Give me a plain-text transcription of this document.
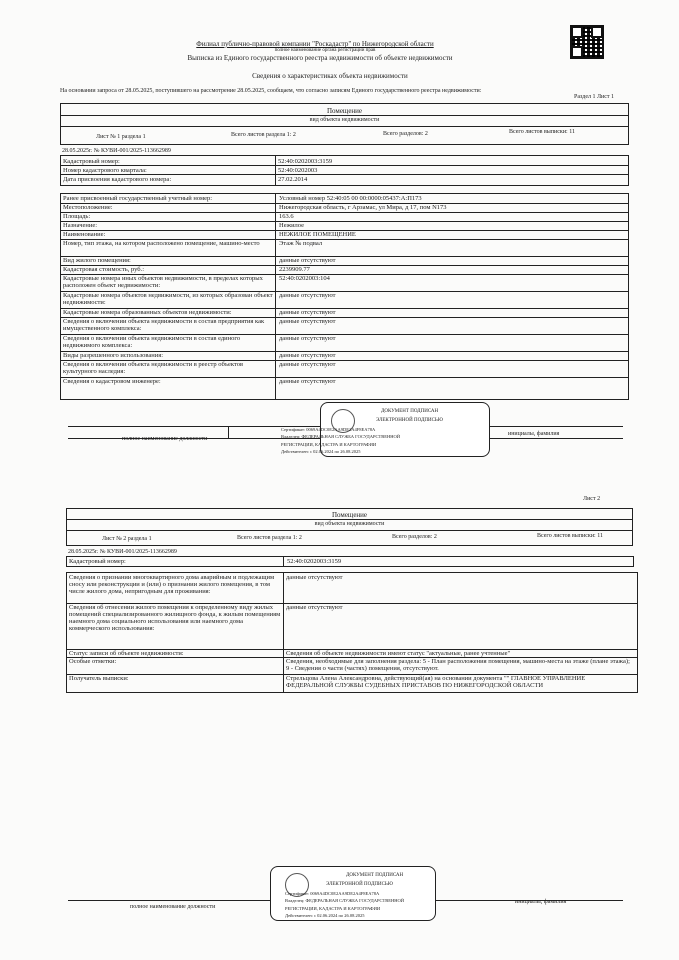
Филиал публично-правовой компании "Роскадастр" по Нижегородской области
полное наименование органа регистрации прав
Выписка из Единого государственного реестра недвижимости об объекте недвижимости
Сведения о характеристиках объекта недвижимости
На основании запроса от 28.05.2025, поступившего на рассмотрение 28.05.2025, сообщаем, что согласно записям Единого государственного реестра недвижимости:
Раздел 1 Лист 1
Помещение
вид объекта недвижимости
Лист № 1 раздела 1	Всего листов раздела 1: 2	Всего разделов: 2	Всего листов выписки: 11
28.05.2025г. № КУВИ-001/2025-113662989
Кадастровый номер:	52:40:0202003:3159
Номер кадастрового квартала:	52:40:0202003
Дата присвоения кадастрового номера:	27.02.2014
Ранее присвоенный государственный учетный номер:	Условный номер 52:40:05 00 00:0000:05437:А:П173
Местоположение:	Нижегородская область, г Арзамас, ул Мира, д 17, пом N173
Площадь:	163.6
Назначение:	Нежилое
Наименование:	НЕЖИЛОЕ ПОМЕЩЕНИЕ
Номер, тип этажа, на котором расположено помещение, машино-место	Этаж № подвал
Вид жилого помещения:	данные отсутствуют
Кадастровая стоимость, руб.:	2239909.77
Кадастровые номера иных объектов недвижимости, в пределах которых расположен объект недвижимости:
52:40:0202003:104
Кадастровые номера объектов недвижимости, из которых образован объект недвижимости:
данные отсутствуют
Кадастровые номера образованных объектов недвижимости:	данные отсутствуют
Сведения о включении объекта недвижимости в состав предприятия как имущественного комплекса:
данные отсутствуют
Сведения о включении объекта недвижимости в состав единого недвижимого комплекса:
данные отсутствуют
Виды разрешенного использования:	данные отсутствуют
Сведения о включении объекта недвижимости в реестр объектов культурного наследия:
данные отсутствуют
Сведения о кадастровом инженере:	данные отсутствуют
полное наименование должности
инициалы, фамилия
ДОКУМЕНТ ПОДПИСАН
ЭЛЕКТРОННОЙ ПОДПИСЬЮ
Сертификат: 0069A4DC0E2AA9DE2A4F8EA78A
Владелец: ФЕДЕРАЛЬНАЯ СЛУЖБА ГОСУДАРСТВЕННОЙ
РЕГИСТРАЦИИ, КАДАСТРА И КАРТОГРАФИИ
Действителен: с 02.06.2024 по 26.08.2025
Лист 2
Помещение
вид объекта недвижимости
Лист № 2 раздела 1	Всего листов раздела 1: 2	Всего разделов: 2	Всего листов выписки: 11
28.05.2025г. № КУВИ-001/2025-113662989
Кадастровый номер:	52:40:0202003:3159
Сведения о признании многоквартирного дома аварийным и подлежащим сносу или реконструкции и (или) о признании жилого помещения, в том числе жилого дома, непригодным для проживания:
данные отсутствуют
Сведения об отнесении жилого помещения к определенному виду жилых помещений специализированного жилищного фонда, к жилым помещениям наемного дома социального использования или наемного дома коммерческого использования:
данные отсутствуют
Статус записи об объекте недвижимости:	Сведения об объекте недвижимости имеют статус "актуальные, ранее учтенные"
Особые отметки:	Сведения, необходимые для заполнения раздела: 5 - План расположения помещения, машино-места на этаже (плане этажа); 9 - Сведения о части (частях) помещения, отсутствуют.
Получатель выписки:	Стрельцова Алена Александровна, действующий(ая) на основании документа "" ГЛАВНОЕ УПРАВЛЕНИЕ ФЕДЕРАЛЬНОЙ СЛУЖБЫ СУДЕБНЫХ ПРИСТАВОВ ПО НИЖЕГОРОДСКОЙ ОБЛАСТИ
полное наименование должности
инициалы, фамилия
ДОКУМЕНТ ПОДПИСАН
ЭЛЕКТРОННОЙ ПОДПИСЬЮ
Сертификат: 0069A4DC0E2AA9DE2A4F8EA78A
Владелец: ФЕДЕРАЛЬНАЯ СЛУЖБА ГОСУДАРСТВЕННОЙ
РЕГИСТРАЦИИ, КАДАСТРА И КАРТОГРАФИИ
Действителен: с 02.06.2024 по 26.08.2025
